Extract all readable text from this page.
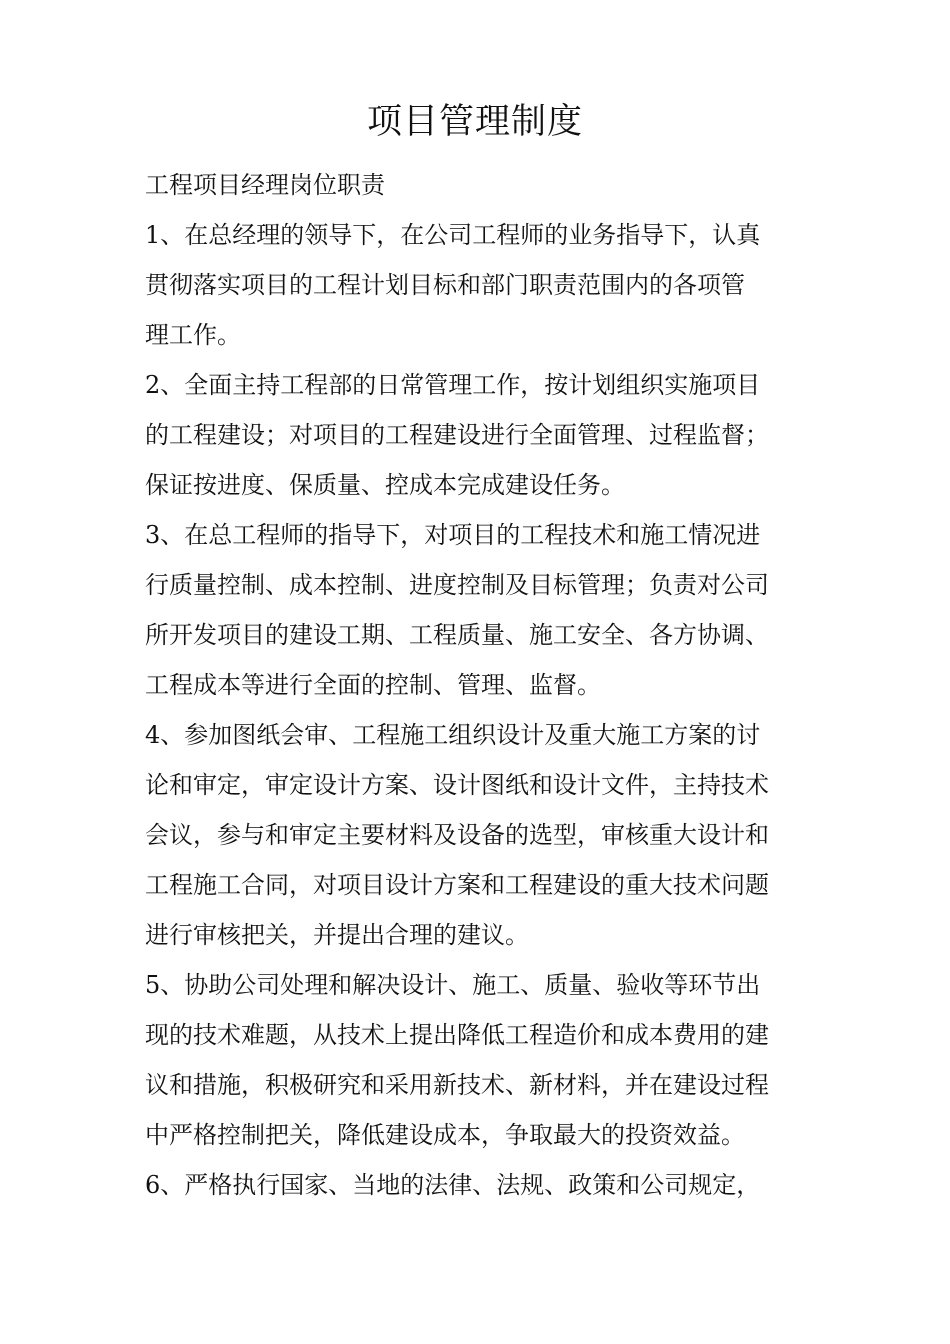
项目管理制度

工程项目经理岗位职责

1、在总经理的领导下，在公司工程师的业务指导下，认真
贯彻落实项目的工程计划目标和部门职责范围内的各项管
理工作。

2、全面主持工程部的日常管理工作，按计划组织实施项目
的工程建设；对项目的工程建设进行全面管理、过程监督；
保证按进度、保质量、控成本完成建设任务。

3、在总工程师的指导下，对项目的工程技术和施工情况进
行质量控制、成本控制、进度控制及目标管理；负责对公司
所开发项目的建设工期、工程质量、施工安全、各方协调、
工程成本等进行全面的控制、管理、监督。

4、参加图纸会审、工程施工组织设计及重大施工方案的讨
论和审定，审定设计方案、设计图纸和设计文件，主持技术
会议，参与和审定主要材料及设备的选型，审核重大设计和
工程施工合同，对项目设计方案和工程建设的重大技术问题
进行审核把关，并提出合理的建议。

5、协助公司处理和解决设计、施工、质量、验收等环节出
现的技术难题，从技术上提出降低工程造价和成本费用的建
议和措施，积极研究和采用新技术、新材料，并在建设过程
中严格控制把关，降低建设成本，争取最大的投资效益。

6、严格执行国家、当地的法律、法规、政策和公司规定，
